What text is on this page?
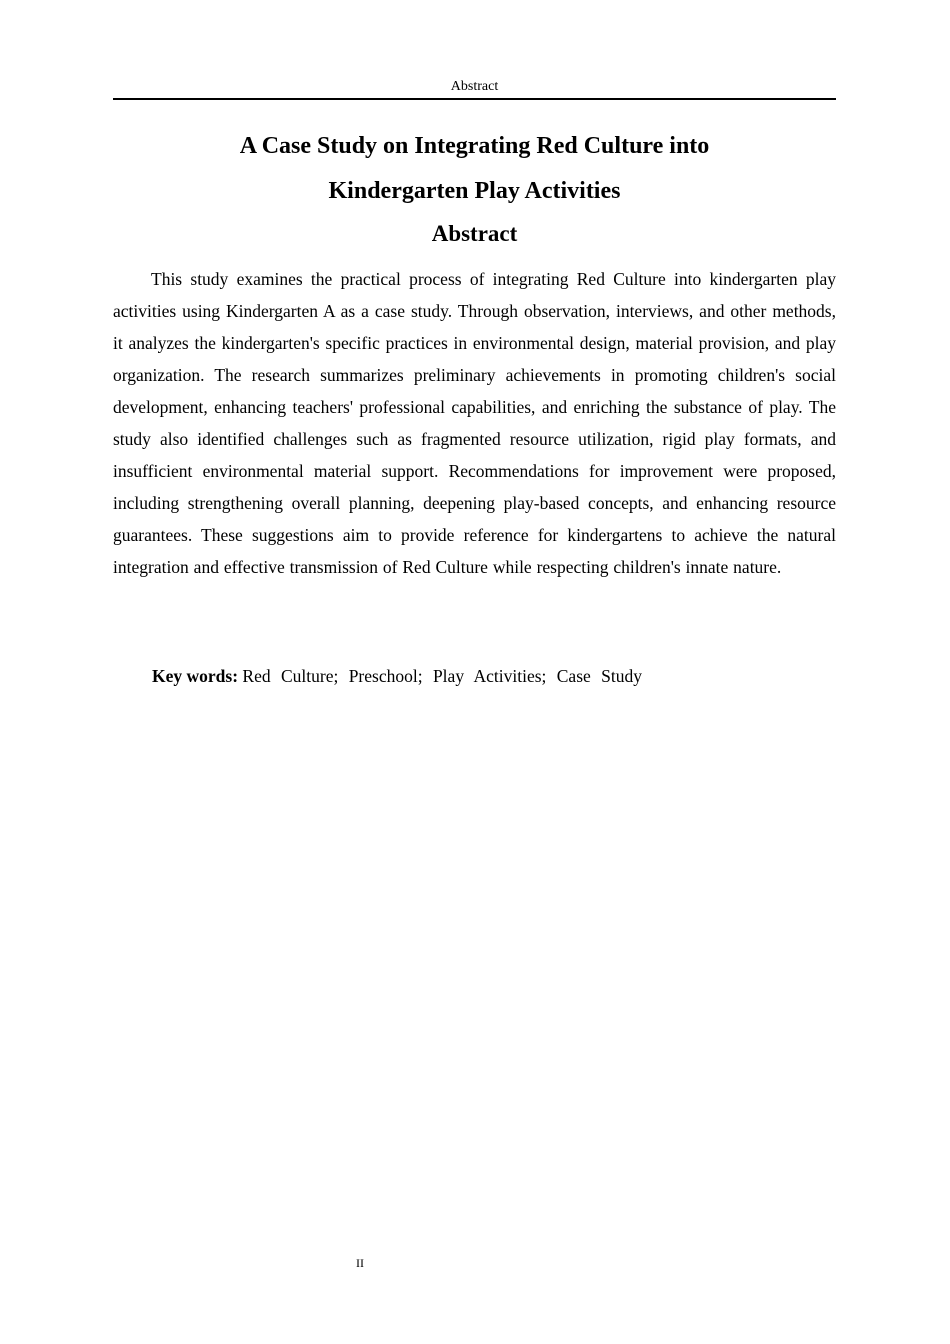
Abstract
A Case Study on Integrating Red Culture into
Kindergarten Play Activities
Abstract

This study examines the practical process of integrating Red Culture into kindergarten play activities using Kindergarten A as a case study. Through observation, interviews, and other methods, it analyzes the kindergarten's specific practices in environmental design, material provision, and play organization. The research summarizes preliminary achievements in promoting children's social development, enhancing teachers' professional capabilities, and enriching the substance of play. The study also identified challenges such as fragmented resource utilization, rigid play formats, and insufficient environmental material support. Recommendations for improvement were proposed, including strengthening overall planning, deepening play-based concepts, and enhancing resource guarantees. These suggestions aim to provide reference for kindergartens to achieve the natural integration and effective transmission of Red Culture while respecting children's innate nature.

Key words: Red Culture; Preschool; Play Activities; Case Study

II
